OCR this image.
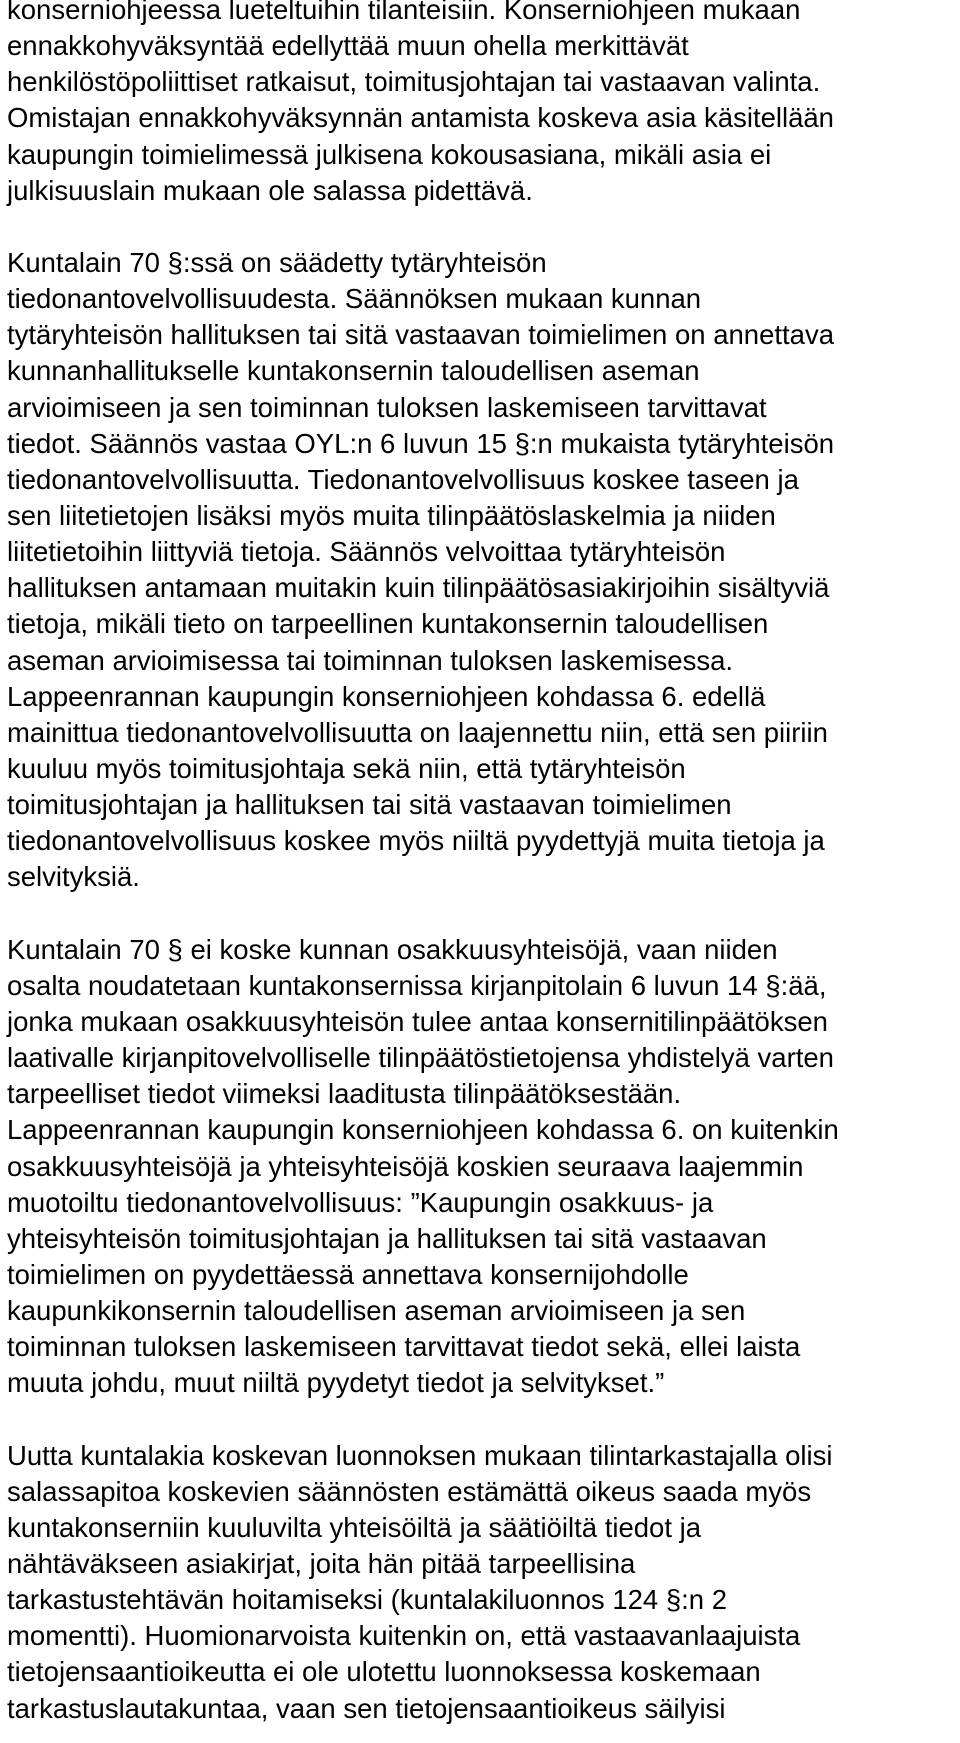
konserniohjeessa lueteltuihin tilanteisiin. Konserniohjeen mukaan
ennakkohyväksyntää edellyttää muun ohella merkittävät
henkilöstöpoliittiset ratkaisut, toimitusjohtajan tai vastaavan valinta.
Omistajan ennakkohyväksynnän antamista koskeva asia käsitellään
kaupungin toimielimessä julkisena kokousasiana, mikäli asia ei
julkisuuslain mukaan ole salassa pidettävä.

Kuntalain 70 §:ssä on säädetty tytäryhteisön
tiedonantovelvollisuudesta. Säännöksen mukaan kunnan
tytäryhteisön hallituksen tai sitä vastaavan toimielimen on annettava
kunnanhallitukselle kuntakonsernin taloudellisen aseman
arvioimiseen ja sen toiminnan tuloksen laskemiseen tarvittavat
tiedot. Säännös vastaa OYL:n 6 luvun 15 §:n mukaista tytäryhteisön
tiedonantovelvollisuutta. Tiedonantovelvollisuus koskee taseen ja
sen liitetietojen lisäksi myös muita tilinpäätöslaskelmia ja niiden
liitetietoihin liittyviä tietoja. Säännös velvoittaa tytäryhteisön
hallituksen antamaan muitakin kuin tilinpäätösasiakirjoihin sisältyviä
tietoja, mikäli tieto on tarpeellinen kuntakonsernin taloudellisen
aseman arvioimisessa tai toiminnan tuloksen laskemisessa.
Lappeenrannan kaupungin konserniohjeen kohdassa 6. edellä
mainittua tiedonantovelvollisuutta on laajennettu niin, että sen piiriin
kuuluu myös toimitusjohtaja sekä niin, että tytäryhteisön
toimitusjohtajan ja hallituksen tai sitä vastaavan toimielimen
tiedonantovelvollisuus koskee myös niiltä pyydettyjä muita tietoja ja
selvityksiä.

Kuntalain 70 § ei koske kunnan osakkuusyhteisöjä, vaan niiden
osalta noudatetaan kuntakonsernissa kirjanpitolain 6 luvun 14 §:ää,
jonka mukaan osakkuusyhteisön tulee antaa konsernitilinpäätöksen
laativalle kirjanpitovelvolliselle tilinpäätöstietojensa yhdistelyä varten
tarpeelliset tiedot viimeksi laaditusta tilinpäätöksestään.
Lappeenrannan kaupungin konserniohjeen kohdassa 6. on kuitenkin
osakkuusyhteisöjä ja yhteisyhteisöjä koskien seuraava laajemmin
muotoiltu tiedonantovelvollisuus: ”Kaupungin osakkuus- ja
yhteisyhteisön toimitusjohtajan ja hallituksen tai sitä vastaavan
toimielimen on pyydettäessä annettava konsernijohdolle
kaupunkikonsernin taloudellisen aseman arvioimiseen ja sen
toiminnan tuloksen laskemiseen tarvittavat tiedot sekä, ellei laista
muuta johdu, muut niiltä pyydetyt tiedot ja selvitykset.”

Uutta kuntalakia koskevan luonnoksen mukaan tilintarkastajalla olisi
salassapitoa koskevien säännösten estämättä oikeus saada myös
kuntakonserniin kuuluvilta yhteisöiltä ja säätiöiltä tiedot ja
nähtäväkseen asiakirjat, joita hän pitää tarpeellisina
tarkastustehtävän hoitamiseksi (kuntalakiluonnos 124 §:n 2
momentti). Huomionarvoista kuitenkin on, että vastaavanlaajuista
tietojensaantioikeutta ei ole ulotettu luonnoksessa koskemaan
tarkastuslautakuntaa, vaan sen tietojensaantioikeus säilyisi
